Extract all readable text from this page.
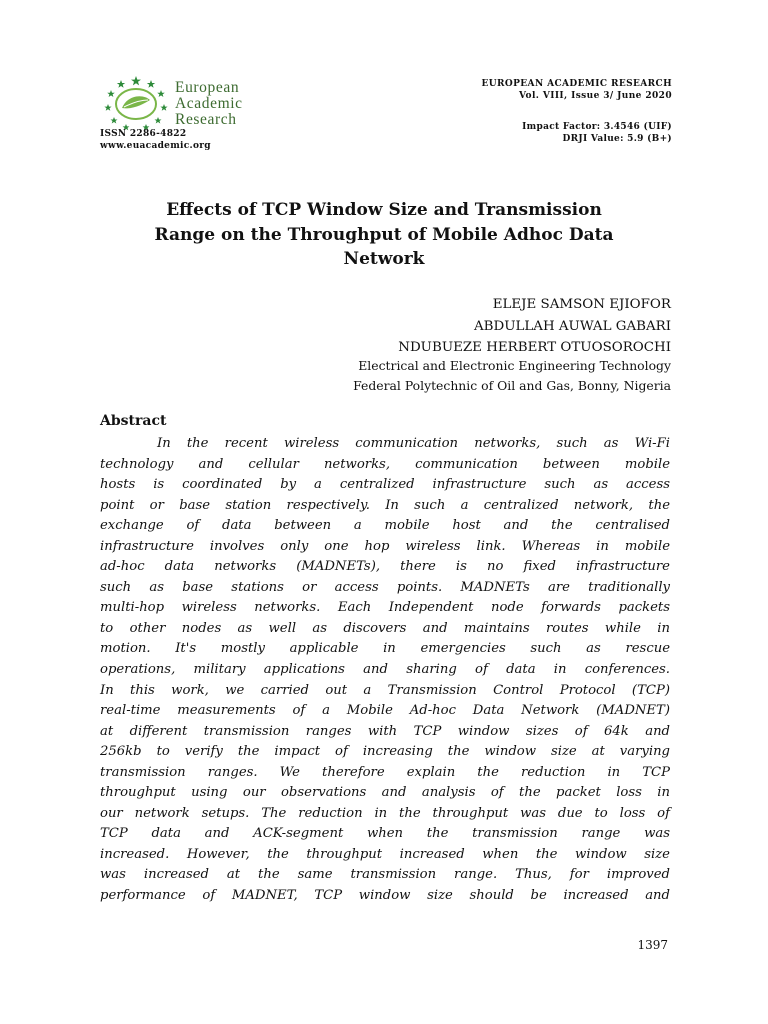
European
Academic
Research
ISSN 2286-4822
www.euacademic.org
EUROPEAN ACADEMIC RESEARCH
Vol. VIII, Issue 3/ June 2020
Impact Factor: 3.4546 (UIF)
DRJI Value: 5.9 (B+)
Effects of TCP Window Size and Transmission
Range on the Throughput of Mobile Adhoc Data
Network
ELEJE SAMSON EJIOFOR
ABDULLAH AUWAL GABARI
NDUBUEZE HERBERT OTUOSOROCHI
Electrical and Electronic Engineering Technology
Federal Polytechnic of Oil and Gas, Bonny, Nigeria
Abstract
In the recent wireless communication networks, such as Wi-Fi
technology and cellular networks, communication between mobile
hosts is coordinated by a centralized infrastructure such as access
point or base station respectively. In such a centralized network, the
exchange of data between a mobile host and the centralised
infrastructure involves only one hop wireless link. Whereas in mobile
ad-hoc data networks (MADNETs), there is no fixed infrastructure
such as base stations or access points. MADNETs are traditionally
multi-hop wireless networks. Each Independent node forwards packets
to other nodes as well as discovers and maintains routes while in
motion. It's mostly applicable in emergencies such as rescue
operations, military applications and sharing of data in conferences.
In this work, we carried out a Transmission Control Protocol (TCP)
real-time measurements of a Mobile Ad-hoc Data Network (MADNET)
at different transmission ranges with TCP window sizes of 64k and
256kb to verify the impact of increasing the window size at varying
transmission ranges. We therefore explain the reduction in TCP
throughput using our observations and analysis of the packet loss in
our network setups. The reduction in the throughput was due to loss of
TCP data and ACK-segment when the transmission range was
increased. However, the throughput increased when the window size
was increased at the same transmission range. Thus, for improved
performance of MADNET, TCP window size should be increased and
1397
